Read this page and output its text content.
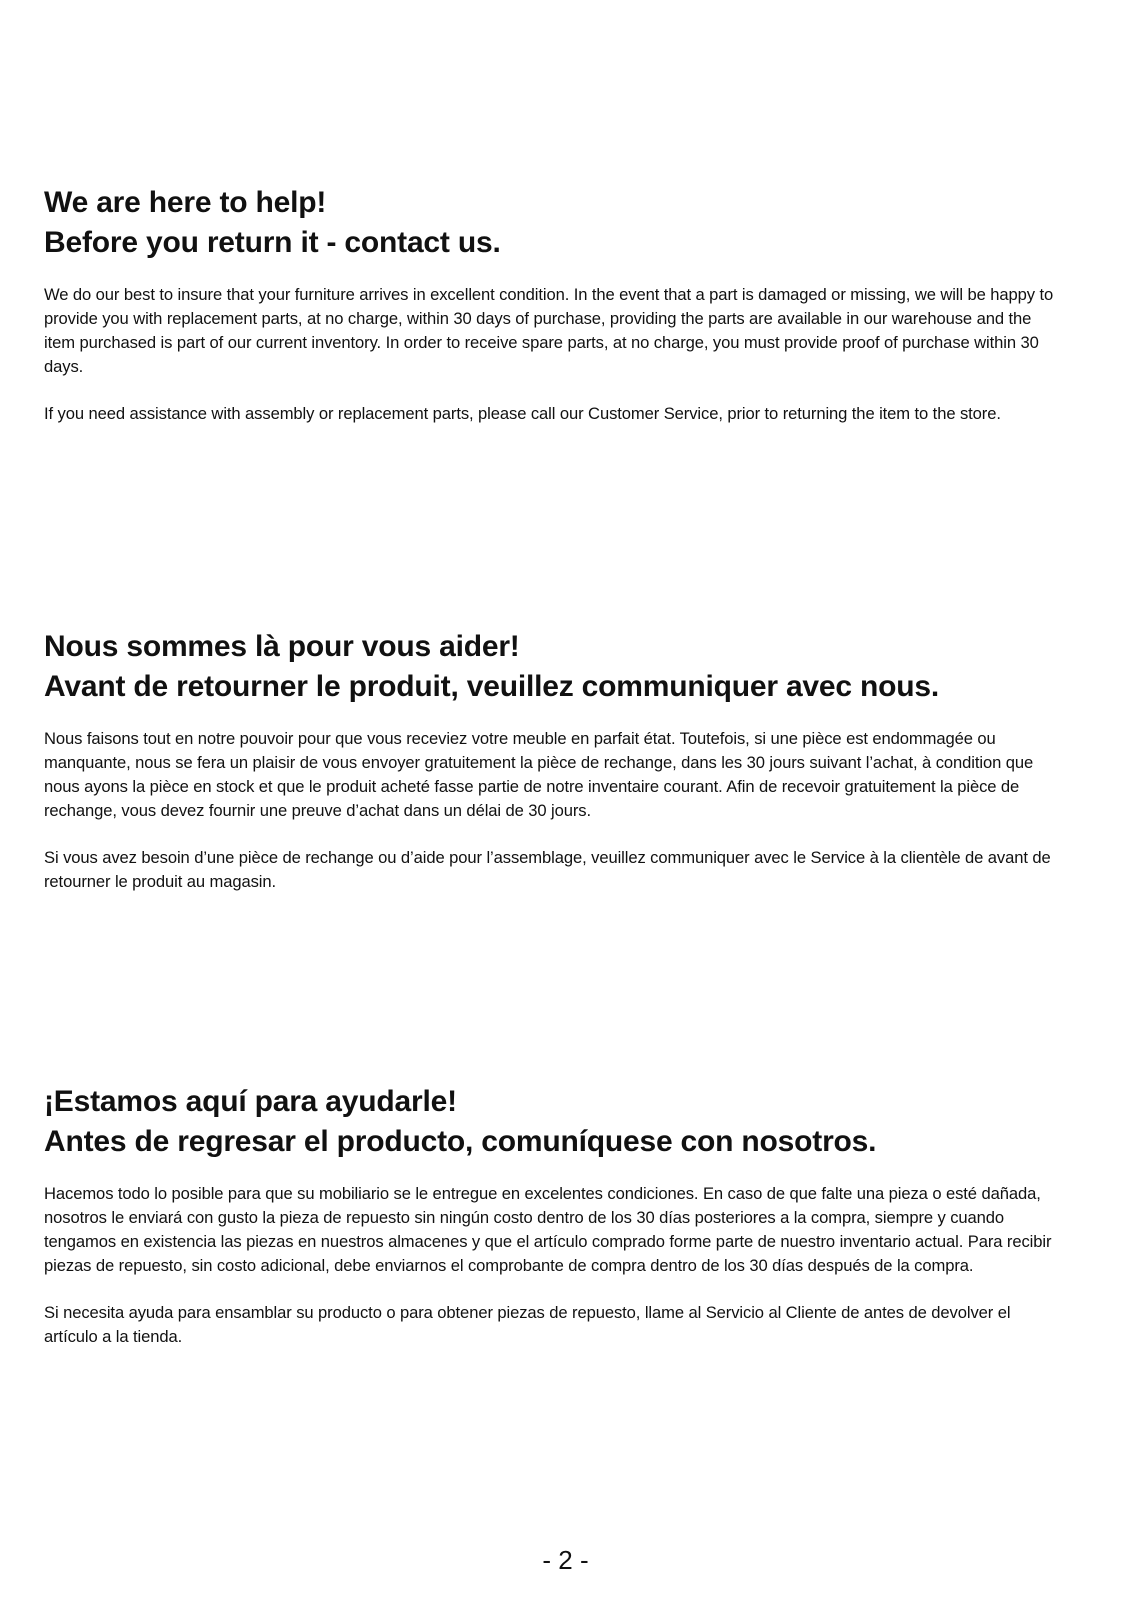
We are here to help!
Before you return it - contact us.

We do our best to insure that your furniture arrives in excellent condition. In the event that a part is damaged or missing, we will be happy to provide you with replacement parts, at no charge, within 30 days of purchase, providing the parts are available in our warehouse and the item purchased is part of our current inventory. In order to receive spare parts, at no charge, you must provide proof of purchase within 30 days.

If you need assistance with assembly or replacement parts, please call our Customer Service, prior to returning the item to the store.

Nous sommes là pour vous aider!
Avant de retourner le produit, veuillez communiquer avec nous.

Nous faisons tout en notre pouvoir pour que vous receviez votre meuble en parfait état. Toutefois, si une pièce est endommagée ou manquante, nous se fera un plaisir de vous envoyer gratuitement la pièce de rechange, dans les 30 jours suivant l’achat, à condition que nous ayons la pièce en stock et que le produit acheté fasse partie de notre inventaire courant. Afin de recevoir gratuitement la pièce de rechange, vous devez fournir une preuve d’achat dans un délai de 30 jours.

Si vous avez besoin d’une pièce de rechange ou d’aide pour l’assemblage, veuillez communiquer avec le Service à la clientèle de avant de retourner le produit au magasin.

¡Estamos aquí para ayudarle!
Antes de regresar el producto, comuníquese con nosotros.

Hacemos todo lo posible para que su mobiliario se le entregue en excelentes condiciones. En caso de que falte una pieza o esté dañada, nosotros le enviará con gusto la pieza de repuesto sin ningún costo dentro de los 30 días posteriores a la compra, siempre y cuando tengamos en existencia las piezas en nuestros almacenes y que el artículo comprado forme parte de nuestro inventario actual. Para recibir piezas de repuesto, sin costo adicional, debe enviarnos el comprobante de compra dentro de los 30 días después de la compra.

Si necesita ayuda para ensamblar su producto o para obtener piezas de repuesto, llame al Servicio al Cliente de antes de devolver el artículo a la tienda.

- 2 -
